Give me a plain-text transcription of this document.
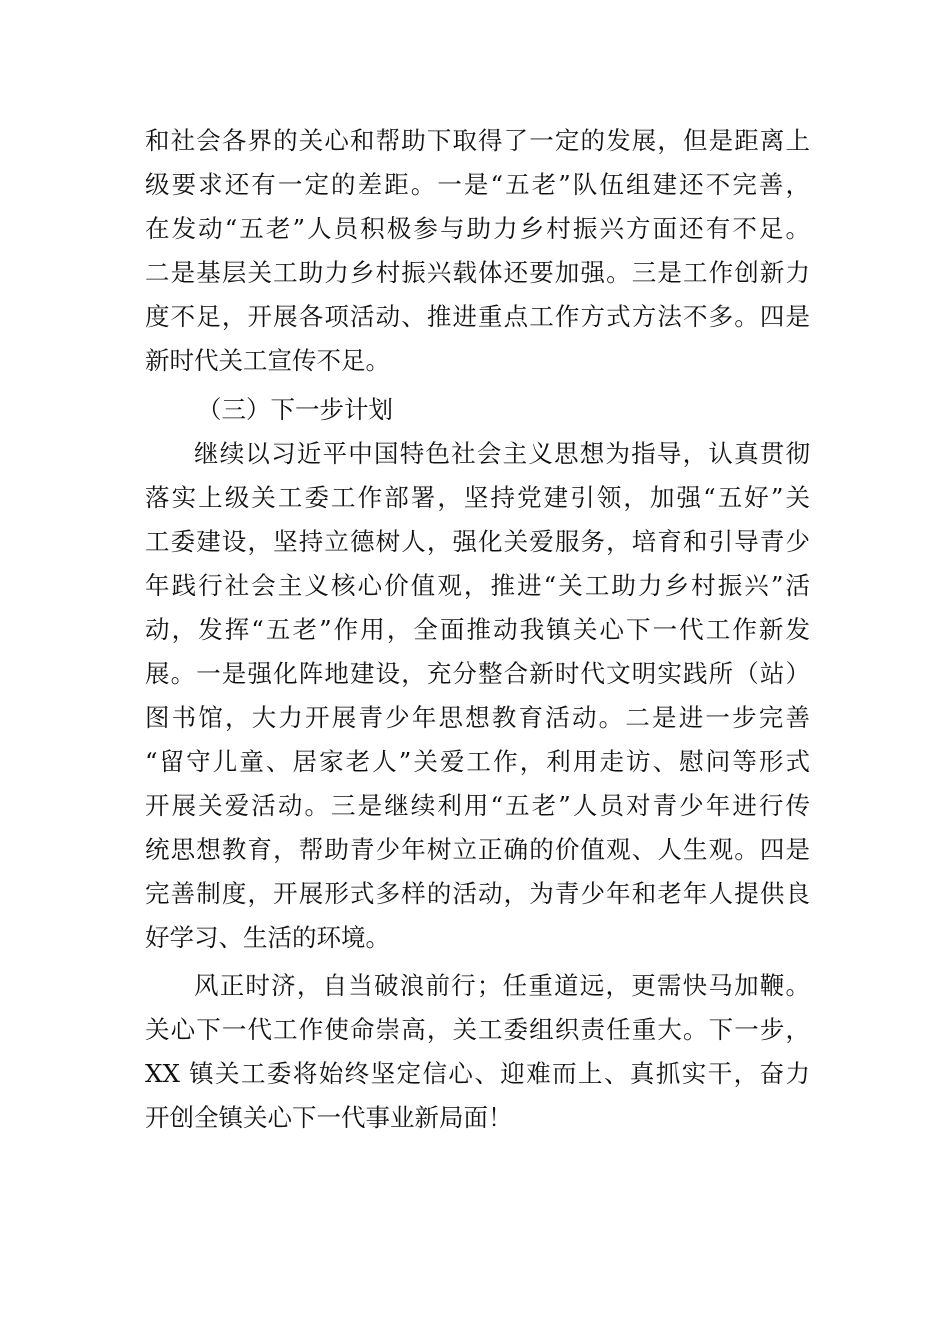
和社会各界的关心和帮助下取得了一定的发展，但是距离上
级要求还有一定的差距。一是“五老”队伍组建还不完善，
在发动“五老”人员积极参与助力乡村振兴方面还有不足。
二是基层关工助力乡村振兴载体还要加强。三是工作创新力
度不足，开展各项活动、推进重点工作方式方法不多。四是
新时代关工宣传不足。
（三）下一步计划
继续以习近平中国特色社会主义思想为指导，认真贯彻
落实上级关工委工作部署，坚持党建引领，加强“五好”关
工委建设，坚持立德树人，强化关爱服务，培育和引导青少
年践行社会主义核心价值观，推进“关工助力乡村振兴”活
动，发挥“五老”作用，全面推动我镇关心下一代工作新发
展。一是强化阵地建设，充分整合新时代文明实践所（站）
图书馆，大力开展青少年思想教育活动。二是进一步完善
“留守儿童、居家老人”关爱工作，利用走访、慰问等形式
开展关爱活动。三是继续利用“五老”人员对青少年进行传
统思想教育，帮助青少年树立正确的价值观、人生观。四是
完善制度，开展形式多样的活动，为青少年和老年人提供良
好学习、生活的环境。
风正时济，自当破浪前行；任重道远，更需快马加鞭。
关心下一代工作使命崇高，关工委组织责任重大。下一步，
XX 镇关工委将始终坚定信心、迎难而上、真抓实干，奋力
开创全镇关心下一代事业新局面！
